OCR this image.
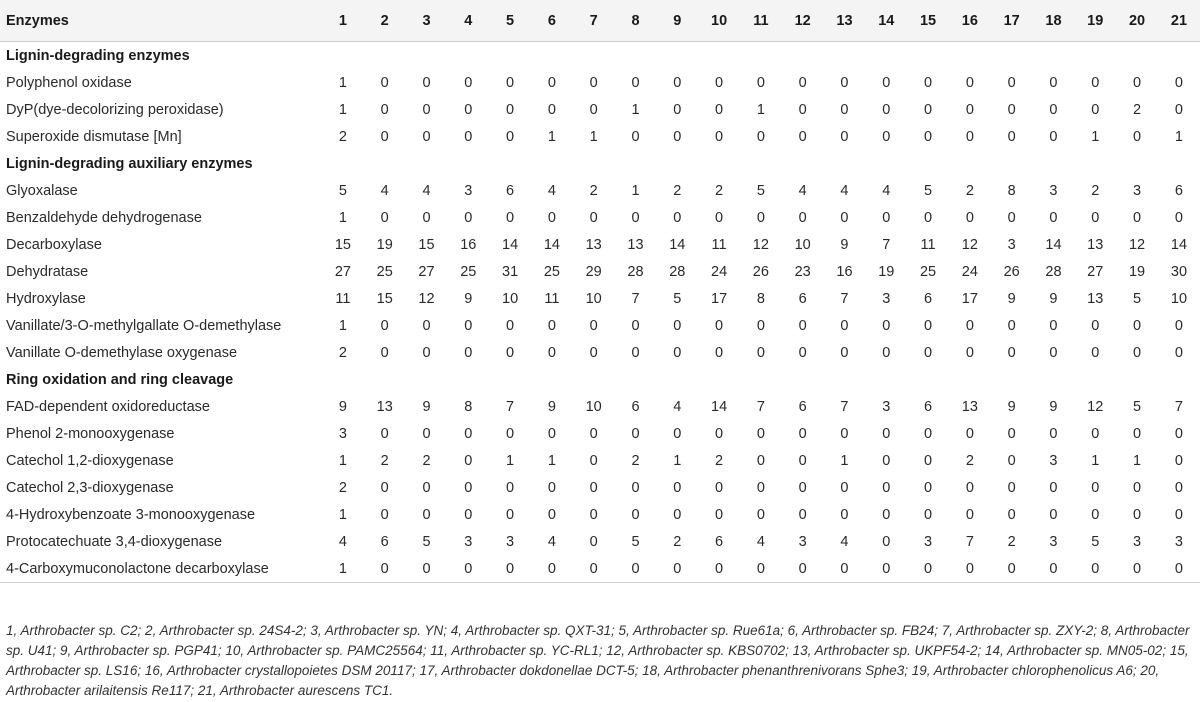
Enzymes	1	2	3	4	5	6	7	8	9	10	11	12	13	14	15	16	17	18	19	20	21
Lignin-degrading enzymes																					
Polyphenol oxidase	1	0	0	0	0	0	0	0	0	0	0	0	0	0	0	0	0	0	0	0	0
DyP(dye-decolorizing peroxidase)	1	0	0	0	0	0	0	1	0	0	1	0	0	0	0	0	0	0	0	2	0
Superoxide dismutase [Mn]	2	0	0	0	0	1	1	0	0	0	0	0	0	0	0	0	0	0	1	0	1
Lignin-degrading auxiliary enzymes																					
Glyoxalase	5	4	4	3	6	4	2	1	2	2	5	4	4	4	5	2	8	3	2	3	6
Benzaldehyde dehydrogenase	1	0	0	0	0	0	0	0	0	0	0	0	0	0	0	0	0	0	0	0	0
Decarboxylase	15	19	15	16	14	14	13	13	14	11	12	10	9	7	11	12	3	14	13	12	14
Dehydratase	27	25	27	25	31	25	29	28	28	24	26	23	16	19	25	24	26	28	27	19	30
Hydroxylase	11	15	12	9	10	11	10	7	5	17	8	6	7	3	6	17	9	9	13	5	10
Vanillate/3-O-methylgallate O-demethylase	1	0	0	0	0	0	0	0	0	0	0	0	0	0	0	0	0	0	0	0	0
Vanillate O-demethylase oxygenase	2	0	0	0	0	0	0	0	0	0	0	0	0	0	0	0	0	0	0	0	0
Ring oxidation and ring cleavage																					
FAD-dependent oxidoreductase	9	13	9	8	7	9	10	6	4	14	7	6	7	3	6	13	9	9	12	5	7
Phenol 2-monooxygenase	3	0	0	0	0	0	0	0	0	0	0	0	0	0	0	0	0	0	0	0	0
Catechol 1,2-dioxygenase	1	2	2	0	1	1	0	2	1	2	0	0	1	0	0	2	0	3	1	1	0
Catechol 2,3-dioxygenase	2	0	0	0	0	0	0	0	0	0	0	0	0	0	0	0	0	0	0	0	0
4-Hydroxybenzoate 3-monooxygenase	1	0	0	0	0	0	0	0	0	0	0	0	0	0	0	0	0	0	0	0	0
Protocatechuate 3,4-dioxygenase	4	6	5	3	3	4	0	5	2	6	4	3	4	0	3	7	2	3	5	3	3
4-Carboxymuconolactone decarboxylase	1	0	0	0	0	0	0	0	0	0	0	0	0	0	0	0	0	0	0	0	0
1, Arthrobacter sp. C2; 2, Arthrobacter sp. 24S4-2; 3, Arthrobacter sp. YN; 4, Arthrobacter sp. QXT-31; 5, Arthrobacter sp. Rue61a; 6, Arthrobacter sp. FB24; 7, Arthrobacter sp. ZXY-2; 8, Arthrobacter sp. U41; 9, Arthrobacter sp. PGP41; 10, Arthrobacter sp. PAMC25564; 11, Arthrobacter sp. YC-RL1; 12, Arthrobacter sp. KBS0702; 13, Arthrobacter sp. UKPF54-2; 14, Arthrobacter sp. MN05-02; 15, Arthrobacter sp. LS16; 16, Arthrobacter crystallopoietes DSM 20117; 17, Arthrobacter dokdonellae DCT-5; 18, Arthrobacter phenanthrenivorans Sphe3; 19, Arthrobacter chlorophenolicus A6; 20, Arthrobacter arilaitensis Re117; 21, Arthrobacter aurescens TC1.
